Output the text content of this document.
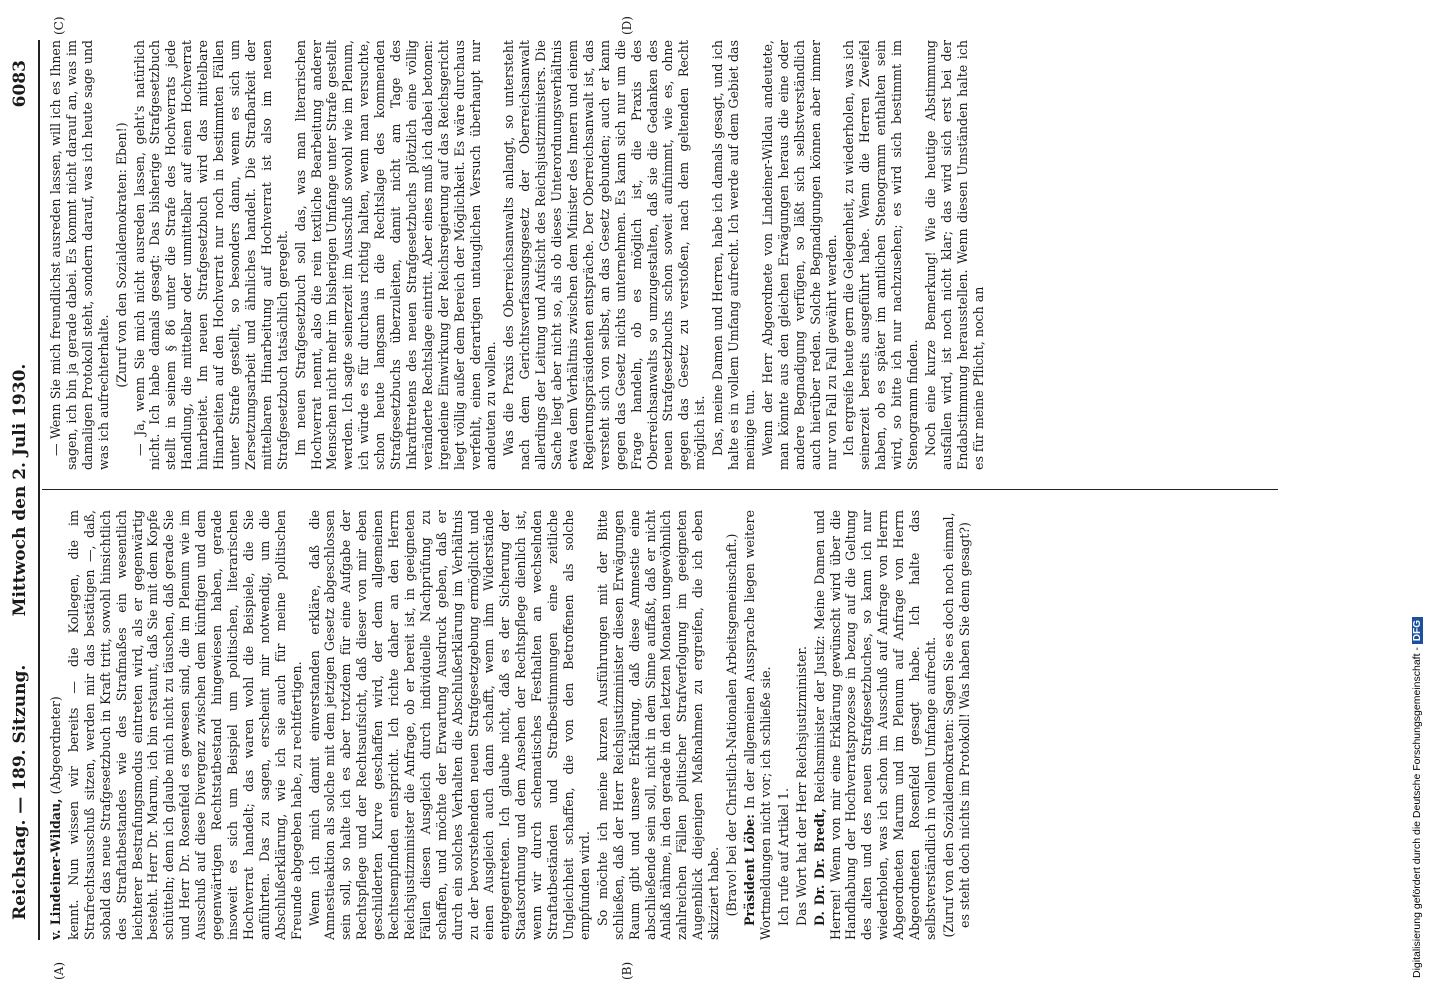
Reichstag. — 189. Sitzung.
Mittwoch den 2. Juli 1930.
6083
(A)	(B)
(C)	(D)

v. Lindeiner-Wildau, (Abgeordneter) kennt. Nun wissen wir bereits — die Kollegen, die im Strafrechtsausschuß sitzen, werden mir das bestätigen —, daß, sobald das neue Strafgesetzbuch in Kraft tritt, sowohl hinsichtlich des Straftatbestandes wie des Strafmaßes ein wesentlich leichterer Bestrafungsmodus eintreten wird, als er gegenwärtig besteht. Herr Dr. Marum, ich bin erstaunt, daß Sie mit dem Kopfe schütteln; denn ich glaube mich nicht zu täuschen, daß gerade Sie und Herr Dr. Rosenfeld es gewesen sind, die im Plenum wie im Ausschuß auf diese Divergenz zwischen dem künftigen und dem gegenwärtigen Rechtstatbestand hingewiesen haben, gerade insoweit es sich um Beispiel um politischen, literarischen Hochverrat handelt; das waren wohl die Beispiele, die Sie anführten. Das zu sagen, erscheint mir notwendig, um die Abschlußerklärung, wie ich sie auch für meine politischen Freunde abgegeben habe, zu rechtfertigen. Wenn ich mich damit einverstanden erkläre, daß die Amnestieaktion als solche mit dem jetzigen Gesetz abgeschlossen sein soll, so halte ich es aber trotzdem für eine Aufgabe der Rechtspflege und der Rechtsaufsicht, daß dieser von mir eben geschilderten Kurve geschaffen wird, der dem allgemeinen Rechtsempfinden entspricht. Ich richte daher an den Herrn Reichsjustizminister die Anfrage, ob er bereit ist, in geeigneten Fällen diesen Ausgleich durch individuelle Nachprüfung zu schaffen, und möchte der Erwartung Ausdruck geben, daß er durch ein solches Verhalten die Abschlußerklärung im Verhältnis zu der bevorstehenden neuen Strafgesetzgebung ermöglicht und einen Ausgleich auch dann schafft, wenn ihm Widerstände entgegentreten. Ich glaube nicht, daß es der Sicherung der Staatsordnung und dem Ansehen der Rechtspflege dienlich ist, wenn wir durch schematisches Festhalten an wechselnden Straftatbeständen und Strafbestimmungen eine zeitliche Ungleichheit schaffen, die von den Betroffenen als solche empfunden wird. So möchte ich meine kurzen Ausführungen mit der Bitte schließen, daß der Herr Reichsjustizminister diesen Erwägungen Raum gibt und unsere Erklärung, daß diese Amnestie eine abschließende sein soll, nicht in dem Sinne auffaßt, daß er nicht Anlaß nähme, in den gerade in den letzten Monaten ungewöhnlich zahlreichen Fällen politischer Strafverfolgung im geeigneten Augenblick diejenigen Maßnahmen zu ergreifen, die ich eben skizziert habe. (Bravo! bei der Christlich-Nationalen Arbeitsgemeinschaft.) Präsident Löbe: In der allgemeinen Aussprache liegen weitere Wortmeldungen nicht vor; ich schließe sie. Ich rufe auf Artikel 1. Das Wort hat der Herr Reichsjustizminister. D. Dr. Dr. Bredt, Reichsminister der Justiz: Meine Damen und Herren! Wenn von mir eine Erklärung gewünscht wird über die Handhabung der Hochverratsprozesse in bezug auf die Geltung des alten und des neuen Strafgesetzbuches, so kann ich nur wiederholen, was ich schon im Ausschuß auf Anfrage von Herrn Abgeordneten Marum und im Plenum auf Anfrage von Herrn Abgeordneten Rosenfeld gesagt habe. Ich halte das selbstverständlich in vollem Umfange aufrecht. (Zuruf von den Sozialdemokraten: Sagen Sie es doch noch einmal, es steht doch nichts im Protokoll! Was haben Sie denn gesagt?)

— Wenn Sie mich freundlichst ausreden lassen, will ich es Ihnen sagen, ich bin ja gerade dabei. Es kommt nicht darauf an, was im damaligen Protokoll steht, sondern darauf, was ich heute sage und was ich aufrechterhalte.

(Zuruf von den Sozialdemokraten: Eben!) — Ja, wenn Sie mich nicht ausreden lassen, geht's natürlich nicht. Ich habe damals gesagt: Das bisherige Strafgesetzbuch stellt in seinem § 86 unter die Strafe des Hochverrats jede Handlung, die mittelbar oder unmittelbar auf einen Hochverrat hinarbeitet. Im neuen Strafgesetzbuch wird das mittelbare Hinarbeiten auf den Hochverrat nur noch in bestimmten Fällen unter Strafe gestellt, so besonders dann, wenn es sich um Zersetzungsarbeit und ähnliches handelt. Die Strafbarkeit der mittelbaren Hinarbeitung auf Hochverrat ist also im neuen Strafgesetzbuch tatsächlich geregelt. Im neuen Strafgesetzbuch soll das, was man literarischen Hochverrat nennt, also die rein textliche Bearbeitung anderer Menschen nicht mehr im bisherigen Umfange unter Strafe gestellt werden. Ich sagte seinerzeit im Ausschuß sowohl wie im Plenum, ich würde es für durchaus richtig halten, wenn man versuchte, schon heute langsam in die Rechtslage des kommenden Strafgesetzbuchs überzuleiten, damit nicht am Tage des Inkrafttretens des neuen Strafgesetzbuchs plötzlich eine völlig veränderte Rechtslage eintritt. Aber eines muß ich dabei betonen: irgendeine Einwirkung der Reichsregierung auf das Reichsgericht liegt völlig außer dem Bereich der Möglichkeit. Es wäre durchaus verfehlt, einen derartigen untauglichen Versuch überhaupt nur andeuten zu wollen. Was die Praxis des Oberreichsanwalts anlangt, so untersteht nach dem Gerichtsverfassungsgesetz der Oberreichsanwalt allerdings der Leitung und Aufsicht des Reichsjustizministers. Die Sache liegt aber nicht so, als ob dieses Unterordnungsverhältnis etwa dem Verhältnis zwischen dem Minister des Innern und einem Regierungspräsidenten entspräche. Der Oberreichsanwalt ist, das versteht sich von selbst, an das Gesetz gebunden; auch er kann gegen das Gesetz nichts unternehmen. Es kann sich nur um die Frage handeln, ob es möglich ist, die Praxis des Oberreichsanwalts so umzugestalten, daß sie die Gedanken des neuen Strafgesetzbuchs schon soweit aufnimmt, wie es, ohne gegen das Gesetz zu verstoßen, nach dem geltenden Recht möglich ist. Das, meine Damen und Herren, habe ich damals gesagt, und ich halte es in vollem Umfang aufrecht. Ich werde auf dem Gebiet das meinige tun. Wenn der Herr Abgeordnete von Lindeiner-Wildau andeutete, man könnte aus den gleichen Erwägungen heraus die eine oder andere Begnadigung verfügen, so läßt sich selbstverständlich auch hierüber reden. Solche Begnadigungen können aber immer nur von Fall zu Fall gewährt werden. Ich ergreife heute gern die Gelegenheit, zu wiederholen, was ich seinerzeit bereits ausgeführt habe. Wenn die Herren Zweifel haben, ob es später im amtlichen Stenogramm enthalten sein wird, so bitte ich nur nachzusehen; es wird sich bestimmt im Stenogramm finden. Noch eine kurze Bemerkung! Wie die heutige Abstimmung ausfallen wird, ist noch nicht klar; das wird sich erst bei der Endabstimmung herausstellen. Wenn diesen Umständen halte ich es für meine Pflicht, noch an

Digitalisierung gefördert durch die Deutsche Forschungsgemeinschaft -DFG
